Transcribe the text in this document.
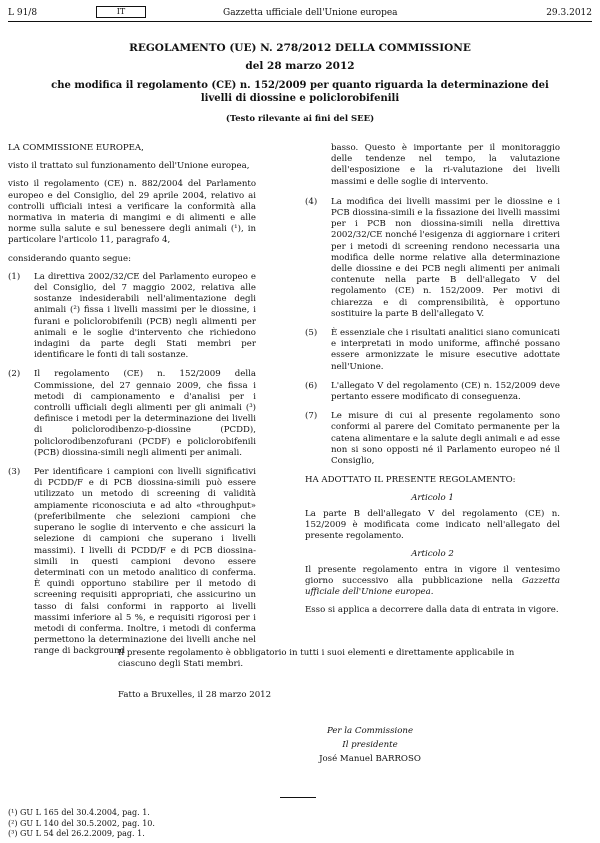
L 91/8	IT	Gazzetta ufficiale dell'Unione europea	29.3.2012
REGOLAMENTO (UE) N. 278/2012 DELLA COMMISSIONE
del 28 marzo 2012
che modifica il regolamento (CE) n. 152/2009 per quanto riguarda la determinazione dei livelli di diossine e policlorobifenili
(Testo rilevante ai fini del SEE)

LA COMMISSIONE EUROPEA,

visto il trattato sul funzionamento dell'Unione europea,

visto il regolamento (CE) n. 882/2004 del Parlamento europeo e del Consiglio, del 29 aprile 2004, relativo ai controlli ufficiali intesi a verificare la conformità alla normativa in materia di mangimi e di alimenti e alle norme sulla salute e sul benessere degli animali (¹), in particolare l'articolo 11, paragrafo 4,

considerando quanto segue:

(1) La direttiva 2002/32/CE del Parlamento europeo e del Consiglio, del 7 maggio 2002, relativa alle sostanze indesiderabili nell'alimentazione degli animali (²) fissa i livelli massimi per le diossine, i furani e policlorobifenili (PCB) negli alimenti per animali e le soglie d'intervento che richiedono indagini da parte degli Stati membri per identificare le fonti di tali sostanze.
(2) Il regolamento (CE) n. 152/2009 della Commissione, del 27 gennaio 2009, che fissa i metodi di campionamento e d'analisi per i controlli ufficiali degli alimenti per gli animali (³) definisce i metodi per la determinazione dei livelli di policlorodibenzo-p-diossine (PCDD), policlorodibenzofurani (PCDF) e policlorobifenili (PCB) diossina-simili negli alimenti per animali.
(3) Per identificare i campioni con livelli significativi di PCDD/F e di PCB diossina-simili può essere utilizzato un metodo di screening di validità ampiamente riconosciuta e ad alto «throughput» (preferibilmente che selezioni campioni che superano le soglie di intervento e che assicuri la selezione di campioni che superano i livelli massimi). I livelli di PCDD/F e di PCB diossina-simili in questi campioni devono essere determinati con un metodo analitico di conferma. È quindi opportuno stabilire per il metodo di screening requisiti appropriati, che assicurino un tasso di falsi conformi in rapporto ai livelli massimi inferiore al 5 %, e requisiti rigorosi per i metodi di conferma. Inoltre, i metodi di conferma permettono la determinazione dei livelli anche nel range di background
basso. Questo è importante per il monitoraggio delle tendenze nel tempo, la valutazione dell'esposizione e la ri-valutazione dei livelli massimi e delle soglie di intervento.
(4) La modifica dei livelli massimi per le diossine e i PCB diossina-simili e la fissazione dei livelli massimi per i PCB non diossina-simili nella direttiva 2002/32/CE nonché l'esigenza di aggiornare i criteri per i metodi di screening rendono necessaria una modifica delle norme relative alla determinazione delle diossine e dei PCB negli alimenti per animali contenute nella parte B dell'allegato V del regolamento (CE) n. 152/2009. Per motivi di chiarezza e di comprensibilità, è opportuno sostituire la parte B dell'allegato V.
(5) È essenziale che i risultati analitici siano comunicati e interpretati in modo uniforme, affinché possano essere armonizzate le misure esecutive adottate nell'Unione.
(6) L'allegato V del regolamento (CE) n. 152/2009 deve pertanto essere modificato di conseguenza.
(7) Le misure di cui al presente regolamento sono conformi al parere del Comitato permanente per la catena alimentare e la salute degli animali e ad esse non si sono opposti né il Parlamento europeo né il Consiglio,

HA ADOTTATO IL PRESENTE REGOLAMENTO:

Articolo 1

La parte B dell'allegato V del regolamento (CE) n. 152/2009 è modificata come indicato nell'allegato del presente regolamento.

Articolo 2

Il presente regolamento entra in vigore il ventesimo giorno successivo alla pubblicazione nella Gazzetta ufficiale dell'Unione europea.

Esso si applica a decorrere dalla data di entrata in vigore.

Il presente regolamento è obbligatorio in tutti i suoi elementi e direttamente applicabile in ciascuno degli Stati membri.
Fatto a Bruxelles, il 28 marzo 2012
Per la Commissione
Il presidente
José Manuel BARROSO
(¹) GU L 165 del 30.4.2004, pag. 1.
(²) GU L 140 del 30.5.2002, pag. 10.
(³) GU L 54 del 26.2.2009, pag. 1.
